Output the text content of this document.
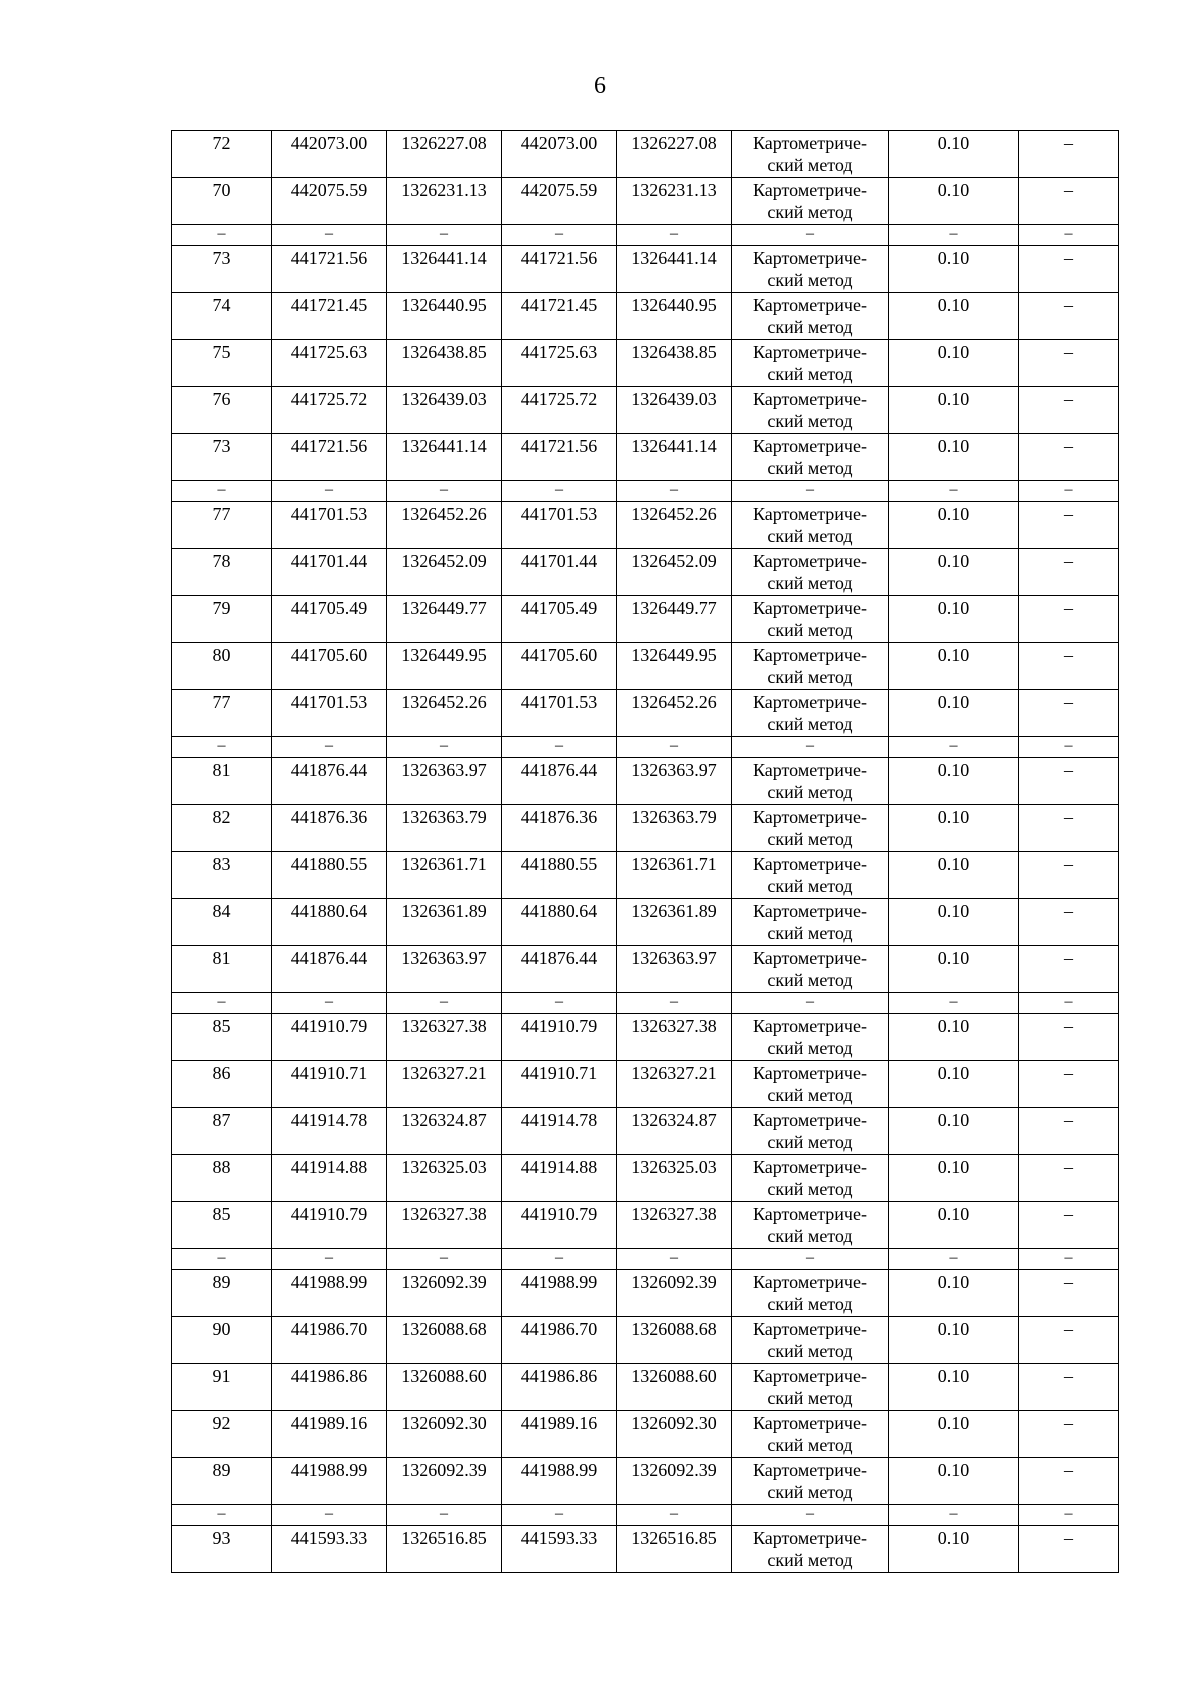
6
72	442073.00	1326227.08	442073.00	1326227.08	Картометриче-
ский метод	0.10	–
70	442075.59	1326231.13	442075.59	1326231.13	Картометриче-
ский метод	0.10	–
–	–	–	–	–	–	–	–
73	441721.56	1326441.14	441721.56	1326441.14	Картометриче-
ский метод	0.10	–
74	441721.45	1326440.95	441721.45	1326440.95	Картометриче-
ский метод	0.10	–
75	441725.63	1326438.85	441725.63	1326438.85	Картометриче-
ский метод	0.10	–
76	441725.72	1326439.03	441725.72	1326439.03	Картометриче-
ский метод	0.10	–
73	441721.56	1326441.14	441721.56	1326441.14	Картометриче-
ский метод	0.10	–
–	–	–	–	–	–	–	–
77	441701.53	1326452.26	441701.53	1326452.26	Картометриче-
ский метод	0.10	–
78	441701.44	1326452.09	441701.44	1326452.09	Картометриче-
ский метод	0.10	–
79	441705.49	1326449.77	441705.49	1326449.77	Картометриче-
ский метод	0.10	–
80	441705.60	1326449.95	441705.60	1326449.95	Картометриче-
ский метод	0.10	–
77	441701.53	1326452.26	441701.53	1326452.26	Картометриче-
ский метод	0.10	–
–	–	–	–	–	–	–	–
81	441876.44	1326363.97	441876.44	1326363.97	Картометриче-
ский метод	0.10	–
82	441876.36	1326363.79	441876.36	1326363.79	Картометриче-
ский метод	0.10	–
83	441880.55	1326361.71	441880.55	1326361.71	Картометриче-
ский метод	0.10	–
84	441880.64	1326361.89	441880.64	1326361.89	Картометриче-
ский метод	0.10	–
81	441876.44	1326363.97	441876.44	1326363.97	Картометриче-
ский метод	0.10	–
–	–	–	–	–	–	–	–
85	441910.79	1326327.38	441910.79	1326327.38	Картометриче-
ский метод	0.10	–
86	441910.71	1326327.21	441910.71	1326327.21	Картометриче-
ский метод	0.10	–
87	441914.78	1326324.87	441914.78	1326324.87	Картометриче-
ский метод	0.10	–
88	441914.88	1326325.03	441914.88	1326325.03	Картометриче-
ский метод	0.10	–
85	441910.79	1326327.38	441910.79	1326327.38	Картометриче-
ский метод	0.10	–
–	–	–	–	–	–	–	–
89	441988.99	1326092.39	441988.99	1326092.39	Картометриче-
ский метод	0.10	–
90	441986.70	1326088.68	441986.70	1326088.68	Картометриче-
ский метод	0.10	–
91	441986.86	1326088.60	441986.86	1326088.60	Картометриче-
ский метод	0.10	–
92	441989.16	1326092.30	441989.16	1326092.30	Картометриче-
ский метод	0.10	–
89	441988.99	1326092.39	441988.99	1326092.39	Картометриче-
ский метод	0.10	–
–	–	–	–	–	–	–	–
93	441593.33	1326516.85	441593.33	1326516.85	Картометриче-
ский метод	0.10	–
